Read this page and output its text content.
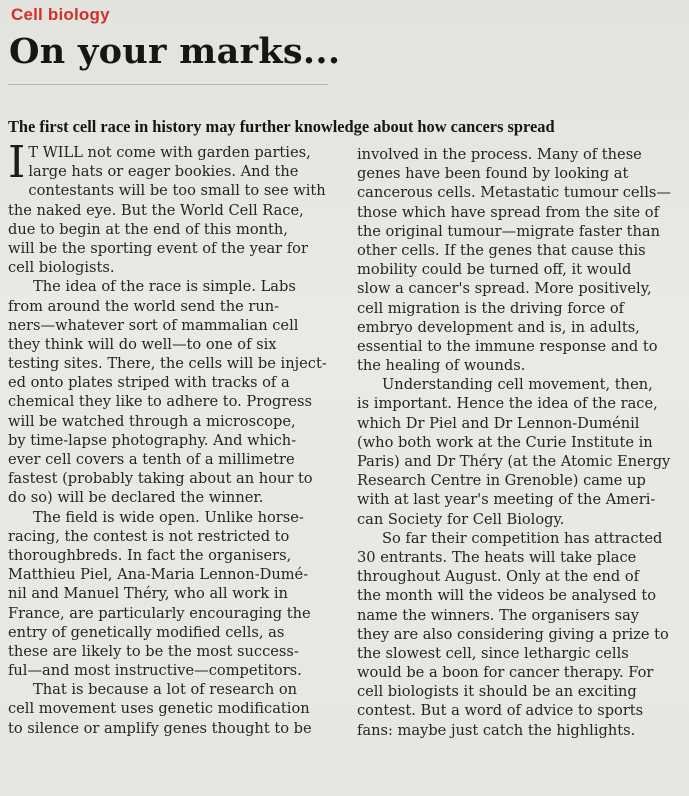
Cell biology
On your marks...
The first cell race in history may further knowledge about how cancers spread
I T WILL not come with garden parties,
large hats or eager bookies. And the
contestants will be too small to see with
the naked eye. But the World Cell Race,
due to begin at the end of this month,
will be the sporting event of the year for
cell biologists.
The idea of the race is simple. Labs
from around the world send the run-
ners—whatever sort of mammalian cell
they think will do well—to one of six
testing sites. There, the cells will be inject-
ed onto plates striped with tracks of a
chemical they like to adhere to. Progress
will be watched through a microscope,
by time-lapse photography. And which-
ever cell covers a tenth of a millimetre
fastest (probably taking about an hour to
do so) will be declared the winner.
The field is wide open. Unlike horse-
racing, the contest is not restricted to
thoroughbreds. In fact the organisers,
Matthieu Piel, Ana-Maria Lennon-Dumé-
nil and Manuel Théry, who all work in
France, are particularly encouraging the
entry of genetically modified cells, as
these are likely to be the most success-
ful—and most instructive—competitors.
That is because a lot of research on
cell movement uses genetic modification
to silence or amplify genes thought to be
involved in the process. Many of these
genes have been found by looking at
cancerous cells. Metastatic tumour cells—
those which have spread from the site of
the original tumour—migrate faster than
other cells. If the genes that cause this
mobility could be turned off, it would
slow a cancer's spread. More positively,
cell migration is the driving force of
embryo development and is, in adults,
essential to the immune response and to
the healing of wounds.
Understanding cell movement, then,
is important. Hence the idea of the race,
which Dr Piel and Dr Lennon-Duménil
(who both work at the Curie Institute in
Paris) and Dr Théry (at the Atomic Energy
Research Centre in Grenoble) came up
with at last year's meeting of the Ameri-
can Society for Cell Biology.
So far their competition has attracted
30 entrants. The heats will take place
throughout August. Only at the end of
the month will the videos be analysed to
name the winners. The organisers say
they are also considering giving a prize to
the slowest cell, since lethargic cells
would be a boon for cancer therapy. For
cell biologists it should be an exciting
contest. But a word of advice to sports
fans: maybe just catch the highlights.
